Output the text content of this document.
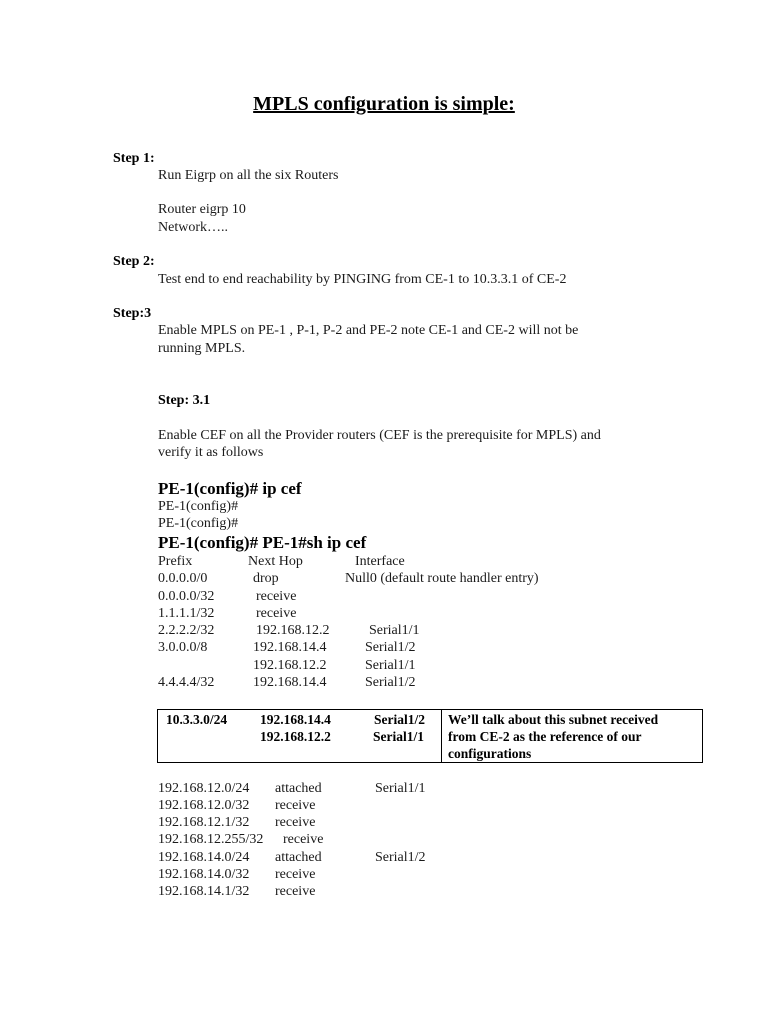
MPLS configuration is simple:
Step 1:
Run Eigrp on all the six Routers
Router eigrp 10
Network…..
Step 2:
Test end to end reachability by PINGING from CE-1 to 10.3.3.1 of CE-2
Step:3
Enable MPLS on PE-1 , P-1, P-2 and PE-2 note CE-1 and CE-2 will not be
running MPLS.
Step: 3.1
Enable CEF on all the Provider routers (CEF is the prerequisite for MPLS) and
verify it as follows
PE-1(config)# ip cef
PE-1(config)#
PE-1(config)#
PE-1(config)# PE-1#sh ip cef
Prefix	Next Hop	Interface
0.0.0.0/0	drop	Null0 (default route handler entry)
0.0.0.0/32	receive
1.1.1.1/32	receive
2.2.2.2/32	192.168.12.2	Serial1/1
3.0.0.0/8	192.168.14.4	Serial1/2
192.168.12.2	Serial1/1
4.4.4.4/32	192.168.14.4	Serial1/2
10.3.3.0/24 192.168.14.4	Serial1/2
192.168.12.2	Serial1/1
We’ll talk about this subnet received
from CE-2 as the reference of our
configurations
192.168.12.0/24 attached	Serial1/1
192.168.12.0/32 receive
192.168.12.1/32 receive
192.168.12.255/32 receive
192.168.14.0/24 attached	Serial1/2
192.168.14.0/32 receive
192.168.14.1/32 receive
